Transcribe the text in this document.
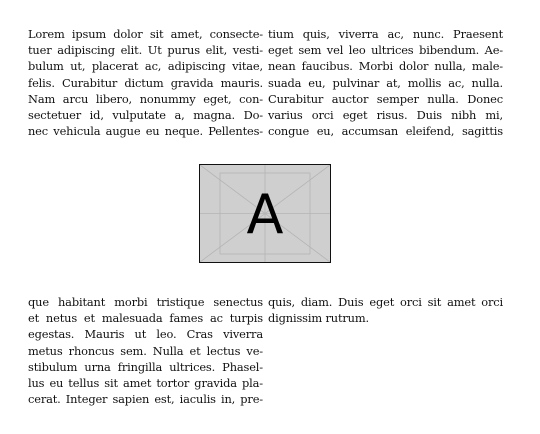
Lorem ipsum dolor sit amet, consecte-
tuer adipiscing elit. Ut purus elit, vesti-
bulum ut, placerat ac, adipiscing vitae,
felis. Curabitur dictum gravida mauris.
Nam arcu libero, nonummy eget, con-
sectetuer id, vulputate a, magna. Do-
nec vehicula augue eu neque. Pellentes-
tium quis, viverra ac, nunc. Praesent
eget sem vel leo ultrices bibendum. Ae-
nean faucibus. Morbi dolor nulla, male-
suada eu, pulvinar at, mollis ac, nulla.
Curabitur auctor semper nulla. Donec
varius orci eget risus. Duis nibh mi,
congue eu, accumsan eleifend, sagittis
A
que habitant morbi tristique senectus
et netus et malesuada fames ac turpis
egestas. Mauris ut leo. Cras viverra
metus rhoncus sem. Nulla et lectus ve-
stibulum urna fringilla ultrices. Phasel-
lus eu tellus sit amet tortor gravida pla-
cerat. Integer sapien est, iaculis in, pre-
quis, diam. Duis eget orci sit amet orci
dignissim rutrum.
